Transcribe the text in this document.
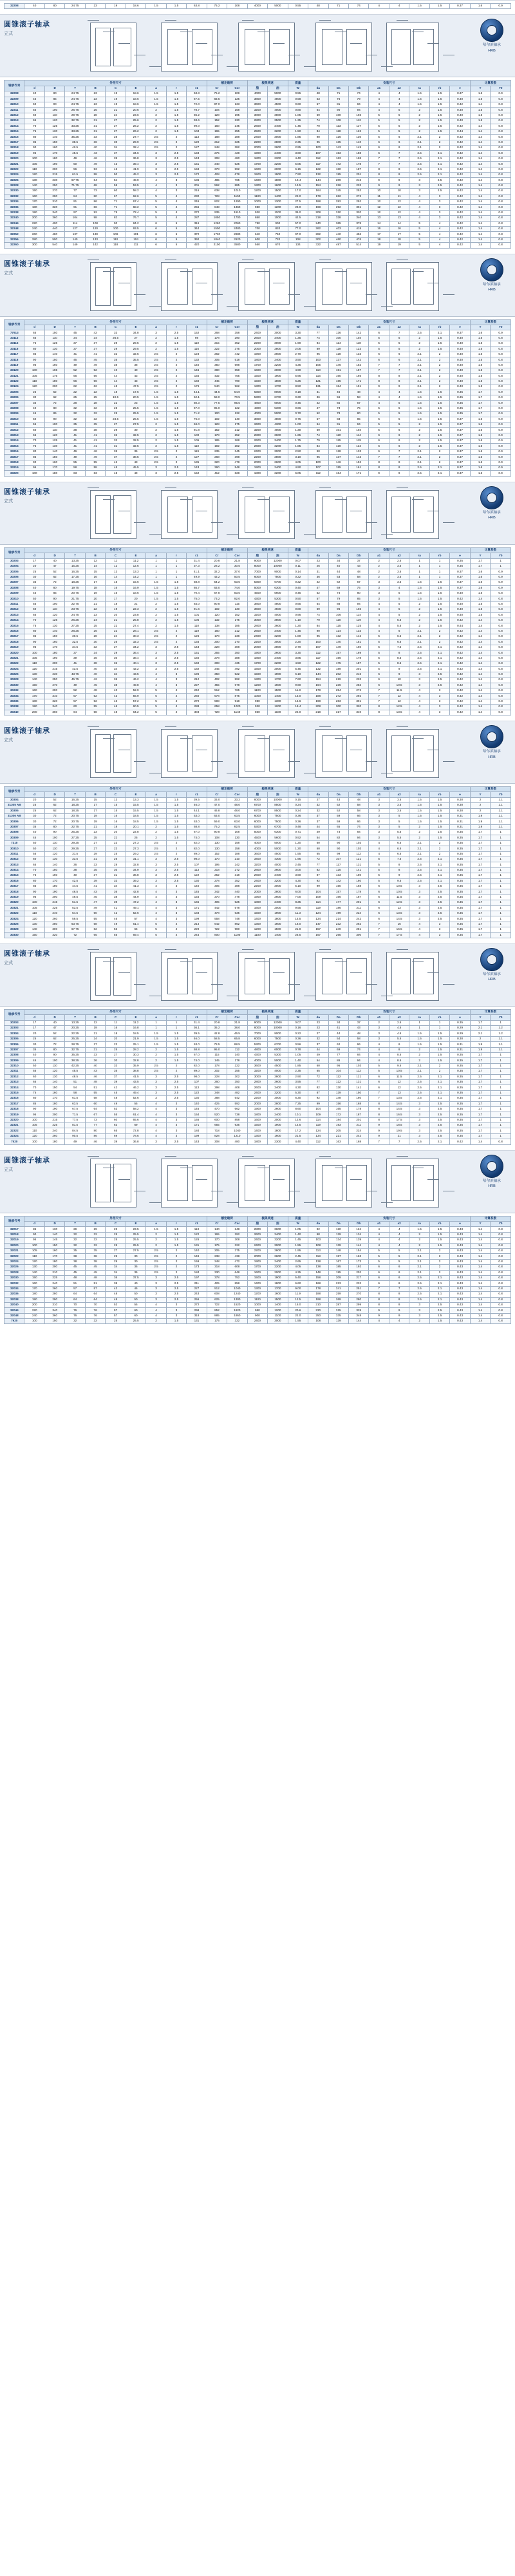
32208	40	80	24.75	23	19	18.6	1.5	1.5	63.8	75.2	108	4000	5000	0.55	48	71	74	4	4	1.5	1.5	0.37	1.6	0.9
圆锥滚子轴承
立式
哈尔滨轴承
HRB
轴承代号	外形尺寸									额定载荷		极限转速		质量	安装尺寸								计算系数	
	d	D	T	B	C	E	a	r	r1	Cr	Cor	脂	油	W	da	Da	Db	a1	a2	ra	rb	e	Y	Y0
32208	40	80	24.75	23	19	18.6	1.5	1.5	63.8	75.2	108	4000	5000	0.55	48	71	74	4	4	1.5	1.5	0.37	1.6	0.9
32209	45	85	24.75	23	19	18.6	1.5	1.5	67.5	83.5	125	3800	4800	0.58	53	76	79	4	4	1.5	1.5	0.40	1.5	0.8
32210	50	90	24.75	23	19	18.6	1.5	1.5	72.0	87.0	133	3600	4500	0.60	57	81	84	4	4	1.5	1.5	0.42	1.4	0.8
32211	55	100	26.75	25	21	20.6	2	1.5	78.7	104	158	3200	4000	0.80	64	90	94	4	5	2	1.5	0.40	1.5	0.8
32212	60	110	29.75	28	24	23.6	2	1.5	86.2	128	195	3000	3800	1.05	69	100	103	5	5	2	1.5	0.40	1.5	0.8
32213	65	120	32.75	31	27	25.6	2	1.5	93.6	152	230	2800	3500	1.35	74	108	112	5	5	2	1.5	0.40	1.5	0.8
32214	70	125	33.25	31	27	26.2	2	1.5	99.0	160	245	2600	3400	1.45	79	113	117	5	5	2	1.5	0.42	1.4	0.8
32215	75	130	33.25	31	27	26.2	2	1.5	104	165	255	2500	3200	1.50	84	118	122	5	5	2	1.5	0.44	1.4	0.8
32216	80	140	35.25	33	28	27.7	2.5	2	113	188	288	2400	3000	1.85	90	126	130	5	6	2.1	2	0.42	1.4	0.8
32217	85	150	38.5	36	30	29.9	2.5	2	120	212	325	2200	2800	2.35	95	135	140	6	6	2.1	2	0.42	1.4	0.8
32218	90	160	42.5	40	34	32.4	2.5	2	127	248	382	2000	2600	2.95	100	143	149	6	6	2.1	2	0.42	1.4	0.8
32219	95	170	45.5	43	37	34.6	3	2.5	134	275	428	1900	2400	3.60	107	153	158	6	7	2.5	2.1	0.42	1.4	0.8
32220	100	180	49	46	39	36.8	3	2.5	143	308	480	1800	2300	4.40	112	163	168	7	7	2.5	2.1	0.42	1.4	0.8
32221	105	190	50	49	43	39.4	3	2.5	151	340	525	1700	2200	5.05	117	172	178	7	7	2.5	2.1	0.42	1.4	0.8
32222	110	200	56	53	46	41.9	3	2.5	158	378	592	1600	2000	6.15	122	180	187	8	8	2.5	2.1	0.42	1.4	0.8
32224	120	215	61.5	58	50	45.2	3	2.5	172	428	678	1500	1900	7.90	132	195	201	8	8	2.5	2.1	0.42	1.4	0.8
32226	130	230	67.75	64	54	49.9	4	3	186	485	765	1400	1800	10.4	144	209	216	9	9	3	2.5	0.42	1.4	0.8
32228	140	250	71.75	68	58	53.5	4	3	201	562	885	1300	1600	13.5	154	226	233	9	9	3	2.5	0.42	1.4	0.8
32230	150	270	77	73	60	58.2	4	3	216	638	1010	1200	1500	17.0	164	245	253	10	10	3	2.5	0.42	1.4	0.8
32232	160	290	84	80	67	62.6	5	4	230	728	1150	1100	1400	22.0	178	262	272	11	11	4	3	0.42	1.4	0.8
32234	170	310	91	86	71	67.4	5	4	246	822	1290	1000	1300	27.5	188	282	292	12	12	4	3	0.42	1.4	0.8
32236	180	320	91	86	71	68.2	5	4	256	848	1360	980	1200	29.0	198	292	301	12	12	4	3	0.42	1.4	0.8
32238	190	340	97	92	75	72.4	5	4	272	935	1510	920	1100	35.0	208	310	320	12	12	4	3	0.42	1.4	0.8
32240	200	360	104	98	82	76.7	5	4	287	1050	1700	860	1000	42.5	218	328	340	13	13	4	3	0.42	1.4	0.8
32244	220	400	114	108	90	84.2	6	5	316	1260	2060	780	900	57.0	240	365	378	14	14	5	4	0.42	1.4	0.8
32248	240	440	127	120	100	93.5	6	5	344	1500	2480	700	820	77.0	262	403	418	16	16	5	4	0.42	1.4	0.8
32252	260	480	137	130	106	101	6	5	372	1730	2880	640	760	97.0	282	440	456	17	17	5	4	0.42	1.4	0.8
32256	280	500	140	133	110	104	6	5	392	1840	3120	600	720	108	302	460	476	18	18	5	4	0.42	1.4	0.8
32260	300	540	149	142	118	111	6	5	420	2100	3580	560	670	134	322	497	514	19	19	5	4	0.42	1.4	0.8
圆锥滚子轴承
立式
哈尔滨轴承
HRB
轴承代号	外形尺寸									额定载荷		极限转速		质量	安装尺寸								计算系数	
	d	D	T	B	C	E	a	r	r1	Cr	Cor	脂	油	W	da	Da	Db	a1	a2	ra	rb	e	Y	Y0
77613	65	150	45	42	33	34.8	3	2.5	152	268	358	2400	3000	3.30	77	136	142	6	7	2.5	2.1	0.37	1.6	0.9
33113	65	110	34	34	26.5	27	2	1.5	98	178	290	2600	3400	1.35	74	100	104	5	5	2	1.5	0.40	1.5	0.8
33115	75	125	37	37	29	29.5	2	1.5	110	215	352	2200	3000	1.90	84	114	118	5	5	2	1.5	0.40	1.5	0.8
33116	80	130	37	37	29	29.5	2	1.5	116	222	375	2000	2800	2.05	89	119	123	5	5	2	1.5	0.40	1.5	0.8
33117	85	140	41	41	32	32.5	2.5	2	124	262	442	1900	2600	2.70	95	128	133	6	6	2.1	2	0.40	1.5	0.8
33118	90	150	45	45	35	35.5	2.5	2	132	305	518	1800	2400	3.50	100	137	142	6	6	2.1	2	0.40	1.5	0.8
33119	95	160	49	49	38	38	2.5	2	140	350	598	1700	2200	4.35	105	146	152	7	7	2.1	2	0.40	1.5	0.8
33120	100	165	52	52	40	40	2.5	2	146	380	658	1600	2000	4.90	110	151	157	7	7	2.1	2	0.40	1.5	0.8
33121	105	175	56	56	44	43	2.5	2	155	432	755	1500	1900	5.95	116	160	166	8	8	2.1	2	0.40	1.5	0.8
33122	110	180	56	56	44	43	2.5	2	160	445	790	1500	1800	6.25	121	165	171	8	8	2.1	2	0.40	1.5	0.8
33124	120	200	62	62	48	47.5	2.5	2	176	540	962	1300	1700	8.50	131	184	191	9	9	2.1	2	0.40	1.5	0.8
33205	25	52	22	22	18	17.5	1.5	1.5	44.1	44.5	54.0	6300	8000	0.18	31	46	48	4	4	1.5	1.5	0.35	1.7	0.9
33206	30	62	25	25	19.5	20.5	1.5	1.5	52.1	58.0	70.5	5300	6700	0.30	36	56	58	4	4	1.5	1.5	0.35	1.7	0.9
33207	35	72	28	28	22	23	1.5	1.5	60.3	77.5	95.5	4800	6000	0.45	42	65	67	4	5	1.5	1.5	0.35	1.7	0.9
33208	40	80	32	32	25	25.5	1.5	1.5	67.0	95.0	122	4300	5300	0.66	47	73	75	5	5	1.5	1.5	0.35	1.7	0.9
33209	45	85	32	32	25	25.5	1.5	1.5	71.2	100	132	4000	5000	0.70	52	78	80	5	5	1.5	1.5	0.35	1.7	0.9
33210	50	90	32	32	24.5	25.5	1.5	1.5	76.0	102	140	3800	4800	0.75	57	83	85	5	5	1.5	1.5	0.37	1.6	0.9
33211	55	100	35	35	27	27.5	2	1.5	84.0	128	175	3400	4300	1.00	64	91	94	5	5	2	1.5	0.37	1.6	0.9
33212	60	110	38	38	29	30	2	1.5	91.8	152	212	3200	4000	1.30	69	101	104	5	6	2	1.5	0.37	1.6	0.9
33213	65	120	41	41	32	32.5	2	1.5	100	178	252	2800	3600	1.65	74	110	114	6	6	2	1.5	0.37	1.6	0.9
33214	70	125	41	41	32	32.5	2	1.5	105	185	268	2600	3400	1.75	79	115	119	6	6	2	1.5	0.37	1.6	0.9
33215	75	130	41	41	31	32.5	2	1.5	110	192	282	2600	3200	1.85	84	120	124	6	6	2	1.5	0.37	1.6	0.9
33216	80	140	46	46	35	36	2.5	2	119	235	345	2400	3000	2.50	90	128	133	6	7	2.1	2	0.37	1.6	0.9
33217	85	150	49	49	37	38.5	2.5	2	127	268	398	2200	2800	3.10	95	137	143	7	7	2.1	2	0.37	1.6	0.9
33218	90	160	55	55	42	43	2.5	2	135	320	478	2000	2600	4.05	100	146	152	8	8	2.1	2	0.37	1.6	0.9
33219	95	170	58	58	45	45.5	3	2.5	143	360	548	1900	2400	4.90	107	155	161	8	8	2.5	2.1	0.37	1.6	0.9
33220	100	180	63	63	48	49	3	2.5	152	412	628	1800	2200	6.05	112	164	171	9	9	2.5	2.1	0.37	1.6	0.9
圆锥滚子轴承
立式
哈尔滨轴承
HRB
轴承代号	外形尺寸									额定载荷		极限转速		质量	安装尺寸								计算系数	
	d	D	T	B	C	E	a	r	r1	Cr	Cor	脂	油	W	da	Da	Db	a1	a2	ra	rb	e	Y	Y0
30203	17	40	13.25	12	11	11.2	1	1	31.4	20.8	21.8	9000	12000	0.07	23	34	37	2	2.5	1	1	0.35	1.7	1
30204	20	47	15.25	14	12	12.6	1	1	37.3	28.2	30.5	8000	10000	0.11	26	40	43	2	3.5	1	1	0.35	1.7	1
30205	25	52	16.25	15	13	13.3	1	1	41.1	32.2	37.0	7000	9000	0.14	31	44	48	2	3.5	1	1	0.37	1.6	0.9
30206	30	62	17.25	16	14	14.2	1	1	49.9	43.2	50.5	6000	7500	0.22	36	53	58	2	3.5	1	1	0.37	1.6	0.9
30207	35	72	18.25	17	15	15.6	1.5	1.5	58.8	54.2	63.5	5300	6700	0.32	42	62	67	3	3.5	1.5	1.5	0.37	1.6	0.9
30208	40	80	19.75	18	16	16.9	1.5	1.5	65.7	63.0	74.0	5000	6300	0.40	47	69	75	3	4	1.5	1.5	0.37	1.6	0.9
30209	45	85	20.75	19	16	18.6	1.5	1.5	70.4	67.8	83.5	4500	5600	0.45	52	74	80	3	5	1.5	1.5	0.40	1.5	0.8
30210	50	90	21.75	20	17	20	1.5	1.5	75.0	73.2	92.0	4300	5300	0.50	57	79	85	3	5	1.5	1.5	0.42	1.4	0.8
30211	55	100	22.75	21	18	21	2	1.5	84.0	90.8	115	3800	4800	0.65	64	88	94	4	5	2	1.5	0.40	1.5	0.8
30212	60	110	23.75	22	19	22.3	2	1.5	91.6	102	130	3600	4500	0.80	69	96	103	4	5	2	1.5	0.40	1.5	0.8
30213	65	120	24.75	23	20	23.8	2	1.5	101	120	152	3200	4000	0.95	74	106	114	4	5	2	1.5	0.40	1.5	0.8
30214	70	125	26.25	24	21	25.8	2	1.5	105	132	175	3000	3800	1.10	79	110	119	4	5.5	2	1.5	0.42	1.4	0.8
30215	75	130	27.25	25	22	27.4	2	1.5	110	138	185	2800	3600	1.20	84	115	125	4	5.5	2	1.5	0.44	1.4	0.8
30216	80	140	28.25	26	22	28.1	2.5	2	119	160	212	2600	3400	1.45	90	124	133	4	6	2.1	2	0.42	1.4	0.8
30217	85	150	30.5	28	24	30.3	2.5	2	126	178	238	2400	3200	1.80	95	132	142	5	6.5	2.1	2	0.42	1.4	0.8
30218	90	160	32.5	30	26	32.3	2.5	2	134	200	270	2200	3000	2.20	100	140	151	5	6.5	2.1	2	0.42	1.4	0.8
30219	95	170	34.5	32	27	34.2	3	2.5	143	228	308	2000	2800	2.70	107	149	160	5	7.5	2.5	2.1	0.42	1.4	0.8
30220	100	180	37	34	29	36.4	3	2.5	151	255	350	1900	2600	3.30	112	157	169	5	8	2.5	2.1	0.42	1.4	0.8
30221	105	190	39	36	30	38.4	3	2.5	160	278	388	1800	2400	3.85	117	166	178	5	8.5	2.5	2.1	0.42	1.4	0.8
30222	110	200	41	38	32	40.1	3	2.5	169	308	435	1700	2200	4.50	122	175	187	5	8.5	2.5	2.1	0.42	1.4	0.8
30224	120	215	43.5	40	34	42.2	3	2.5	182	345	492	1600	2000	5.45	132	189	201	5	9	2.5	2.1	0.42	1.4	0.8
30226	130	230	43.75	40	34	43.5	4	3	196	358	522	1500	1900	6.10	144	202	216	6	9	3	2.5	0.42	1.4	0.8
30228	140	250	45.75	42	36	46.2	4	3	212	402	592	1300	1700	7.60	154	219	233	6	10	3	2.5	0.42	1.4	0.8
30230	150	270	49	45	38	49.8	4	3	227	455	678	1200	1600	9.60	164	236	253	6	10.5	3	2.5	0.42	1.4	0.8
30232	160	290	52	48	40	52.9	5	4	242	512	765	1100	1500	11.8	178	254	272	7	11.5	4	3	0.42	1.4	0.8
30234	170	310	57	52	43	56.9	5	4	260	578	875	1000	1400	15.0	188	272	292	7	12	4	3	0.42	1.4	0.8
30236	180	320	57	52	43	57.2	5	4	270	598	918	980	1300	15.6	198	283	301	7	12	4	3	0.42	1.4	0.8
30238	190	340	60	55	46	60.5	5	4	288	658	1020	920	1200	18.4	208	300	320	8	12.5	4	3	0.42	1.4	0.8
30240	200	360	64	58	48	64.2	5	4	304	728	1140	860	1100	22.0	218	317	340	8	13.5	4	3	0.42	1.4	0.8
圆锥滚子轴承
立式
哈尔滨轴承
HRB
轴承代号	外形尺寸									额定载荷		极限转速		质量	安装尺寸								计算系数	
	d	D	T	B	C	E	a	r	r1	Cr	Cor	脂	油	W	da	Da	Db	a1	a2	ra	rb	e	Y	Y0
30304	20	52	16.25	15	13	13.3	1.5	1.5	39.5	33.0	33.2	8000	10000	0.15	27	43	48	3	3.5	1.5	1.5	0.30	2	1.1
31305 AB	25	62	18.25	17	15	15.5	1.5	1.5	46.0	47.0	48.0	6700	8500	0.24	32	52	58	3	3.5	1.5	1.5	0.30	2	1.1
30305	25	62	18.25	17	15	15.5	1.5	1.5	44.1	46.8	48.0	6700	8500	0.24	32	52	58	3	3.5	1.5	1.5	0.30	2	1.1
31306 AB	30	72	20.75	19	16	18.5	1.5	1.5	53.0	63.0	63.5	6000	7500	0.36	37	59	66	3	5	1.5	1.5	0.31	1.9	1.1
30306	30	72	20.75	19	16	18.5	1.5	1.5	53.0	59.0	63.0	6000	7500	0.36	37	59	66	3	5	1.5	1.5	0.31	1.9	1.1
30307	35	80	22.75	21	18	20.1	2	1.5	58.8	75.2	82.5	5300	6700	0.48	44	65	74	3	5	2	1.5	0.31	1.9	1.1
30308	40	90	25.25	23	20	22.8	2	1.5	67.0	90.8	108	5000	6300	0.71	49	73	84	3	5.5	2	1.5	0.35	1.7	1
30309	45	100	27.25	25	22	25	2	1.5	74.0	108	130	4500	5600	0.92	54	82	94	3	5.5	2	1.5	0.35	1.7	1
7310	50	110	29.25	27	23	27.3	2.5	2	82.0	130	158	4000	5000	1.20	60	90	103	4	6.5	2.1	2	0.35	1.7	1
30310	50	110	29.25	27	23	27.3	2.5	2	82.0	130	158	4000	5000	1.20	60	90	103	4	6.5	2.1	2	0.35	1.7	1
30311	55	120	31.5	29	25	29.2	2.5	2	89.0	152	188	3600	4500	1.55	65	99	112	4	6.5	2.1	2	0.35	1.7	1
30312	60	130	33.5	31	26	31.1	3	2.5	98.0	170	210	3400	4300	1.95	72	107	121	5	7.5	2.5	2.1	0.35	1.7	1
30313	65	140	36	33	28	32.8	3	2.5	107	195	242	3200	4000	2.45	77	117	131	5	8	2.5	2.1	0.35	1.7	1
30314	70	150	38	35	30	34.9	3	2.5	113	218	272	2800	3600	3.00	82	125	141	5	8	2.5	2.1	0.35	1.7	1
30315	75	160	40	37	31	36.8	3	2.5	122	252	318	2600	3400	3.60	87	133	150	5	9	2.5	2.1	0.35	1.7	1
30316	80	170	42.5	39	33	39.2	3	2.5	130	278	352	2400	3200	4.30	92	142	160	5	9.5	2.5	2.1	0.35	1.7	1
30317	85	180	44.5	41	34	41.3	4	3	140	305	388	2200	3000	5.10	99	150	168	6	10.5	3	2.5	0.35	1.7	1
30318	90	190	46.5	43	36	42.8	4	3	145	342	440	2000	2800	6.00	104	157	178	6	10.5	3	2.5	0.35	1.7	1
30319	95	200	49.5	45	38	44.9	4	3	154	370	478	1900	2600	7.00	109	166	187	6	11.5	3	2.5	0.35	1.7	1
30320	100	215	51.5	47	39	47.2	4	3	165	405	525	1800	2400	8.35	114	177	201	6	12.5	3	2.5	0.35	1.7	1
30321	105	225	53.5	49	41	49.1	4	3	171	442	578	1600	2000	9.55	119	186	211	6	13	3	2.5	0.35	1.7	1
30322	110	240	54.5	50	42	52.6	4	3	184	478	635	1500	1900	11.3	124	199	224	6	13.5	3	2.5	0.35	1.7	1
30324	120	260	59.5	55	46	57	4	3	199	558	748	1400	1800	14.5	134	214	242	6	14.5	3	2.5	0.35	1.7	1
30326	130	280	63.75	58	49	61.4	5	4	214	642	862	1300	1600	18.0	147	232	262	7	16	4	3	0.35	1.7	1
30328	140	300	67.75	62	53	65	5	4	229	722	980	1200	1500	21.8	157	249	281	7	16.5	4	3	0.35	1.7	1
30330	150	320	72	65	55	69.4	5	4	244	800	1100	1100	1400	26.5	167	265	300	7	17.5	4	3	0.35	1.7	1
圆锥滚子轴承
立式
哈尔滨轴承
HRB
轴承代号	外形尺寸									额定载荷		极限转速		质量	安装尺寸								计算系数	
	d	D	T	B	C	E	a	r	r1	Cr	Cor	脂	油	W	da	Da	Db	a1	a2	ra	rb	e	Y	Y0
30203	17	40	13.25	12	11	11.2	1	1	31.4	20.8	21.8	9000	12000	0.07	23	34	37	2	2.5	1	1	0.35	1.7	1
32303	17	47	20.25	19	16	16.8	1	1	36.1	35.2	38.0	8000	10000	0.16	23	41	43	3	4.5	1	1	0.29	2.1	1.2
32304	20	52	22.25	21	18	18.5	1.5	1.5	39.5	42.8	46.5	7000	9000	0.22	27	44	48	3	4.5	1.5	1.5	0.29	2.1	1.2
32305	25	62	25.25	24	20	21.9	1.5	1.5	46.0	58.5	65.8	6000	7500	0.36	32	54	58	3	5.5	1.5	1.5	0.30	2	1.1
32306	30	72	28.75	27	23	25.1	1.5	1.5	53.0	78.5	88.5	5300	6700	0.56	37	62	66	4	6	1.5	1.5	0.31	1.9	1.1
32307	35	80	32.75	31	25	28.2	2	1.5	58.8	95.0	112	4800	6000	0.78	44	69	74	4	8	2	1.5	0.31	1.9	1.1
32308	40	90	35.25	33	27	30.3	2	1.5	67.0	115	140	4300	5300	1.05	49	77	84	4	8.5	2	1.5	0.35	1.7	1
32309	45	100	38.25	36	30	32.8	2	1.5	74.0	145	178	4000	5000	1.40	54	86	94	4	8.5	2	1.5	0.35	1.7	1
32310	50	110	42.25	40	33	35.9	2.5	2	82.0	178	222	3600	4500	1.85	60	95	103	5	9.5	2.1	2	0.35	1.7	1
32311	55	120	45.5	43	35	38.8	2.5	2	89.0	202	255	3200	4000	2.35	65	104	112	5	10.5	2.1	2	0.35	1.7	1
32312	60	130	48.5	46	37	41.5	3	2.5	98.0	228	302	3000	3800	2.90	72	112	121	6	11.5	2.5	2.1	0.35	1.7	1
32313	65	140	51	48	39	43.5	3	2.5	107	260	350	2800	3600	3.55	77	122	131	6	12	2.5	2.1	0.35	1.7	1
32314	70	150	54	51	42	46.2	3	2.5	113	298	408	2600	3400	4.30	82	130	141	6	12	2.5	2.1	0.35	1.7	1
32315	75	160	58	55	45	49.4	3	2.5	122	348	482	2400	3200	5.30	87	139	150	7	13	2.5	2.1	0.35	1.7	1
32316	80	170	61.5	58	48	52.6	3	2.5	130	388	542	2200	3000	6.30	92	148	160	7	13.5	2.5	2.1	0.35	1.7	1
32317	85	180	63.5	60	49	55	4	3	140	425	592	2000	2800	7.25	99	156	168	8	14.5	3	2.5	0.35	1.7	1
32318	90	190	67.5	64	53	58.2	4	3	145	470	662	1900	2600	8.60	104	165	178	8	14.5	3	2.5	0.35	1.7	1
32319	95	200	71.5	67	55	61.4	4	3	154	520	738	1800	2400	10.1	109	172	187	8	16.5	3	2.5	0.35	1.7	1
32320	100	215	77.5	73	60	65.6	4	3	165	600	858	1600	2000	12.6	114	184	201	8	17.5	3	2.5	0.35	1.7	1
32321	105	225	81.5	77	63	69	4	3	171	655	935	1500	1900	14.5	119	193	211	9	18.5	3	2.5	0.35	1.7	1
32322	110	240	84.5	80	65	72.8	4	3	184	718	1040	1400	1800	17.2	124	205	224	9	19.5	3	2.5	0.35	1.7	1
32324	120	260	90.5	86	69	78.6	4	3	199	828	1210	1300	1600	21.5	134	221	242	9	21	3	2.5	0.35	1.7	1
7520	100	180	49	46	39	36.8	3	2.5	143	308	480	1800	2300	4.40	112	163	168	7	7	2.5	2.1	0.42	1.4	0.8
圆锥滚子轴承
立式
哈尔滨轴承
HRB
轴承代号	外形尺寸									额定载荷		极限转速		质量	安装尺寸								计算系数	
	d	D	T	B	C	E	a	r	r1	Cr	Cor	脂	油	W	da	Da	Db	a1	a2	ra	rb	e	Y	Y0
32017	85	130	29	29	23	23.5	1.5	1.5	113	140	248	2800	3600	1.05	92	120	124	4	4	1.5	1.5	0.43	1.4	0.8
32018	90	140	32	32	25	25.5	2	1.5	122	165	292	2600	3400	1.40	98	129	134	4	4	2	1.5	0.43	1.4	0.8
32019	95	145	32	32	25	25.5	2	1.5	126	170	308	2400	3200	1.45	103	134	139	4	4	2	1.5	0.43	1.4	0.8
32020	100	150	32	32	25	25.5	2	1.5	131	175	322	2400	3000	1.55	108	139	144	4	4	2	1.5	0.43	1.4	0.8
32021	105	160	35	35	27	27.5	2.5	2	140	205	375	2200	2800	1.95	113	148	154	5	5	2.1	2	0.43	1.4	0.8
32022	110	170	38	38	29	30	2.5	2	149	238	438	2000	2600	2.45	118	157	163	5	5	2.1	2	0.43	1.4	0.8
32024	120	180	38	38	29	30	2.5	2	159	248	472	1900	2400	2.65	128	167	173	5	5	2.1	2	0.43	1.4	0.8
32026	130	200	45	45	34	35	2.5	2	173	318	608	1700	2200	4.05	138	185	192	6	6	2.1	2	0.43	1.4	0.8
32028	140	210	45	45	34	35	2.5	2	184	330	648	1600	2000	4.35	148	195	202	6	6	2.1	2	0.43	1.4	0.8
32030	150	225	48	48	36	37.5	3	2.5	197	378	752	1500	1900	5.40	158	209	217	6	6	2.5	2.1	0.43	1.4	0.8
32032	160	240	51	51	38	40	3	2.5	211	425	858	1400	1800	6.60	168	223	232	6	6	2.5	2.1	0.43	1.4	0.8
32034	170	260	57	57	43	45	3	2.5	227	512	1040	1300	1700	9.00	178	241	251	7	7	2.5	2.1	0.43	1.4	0.8
32036	180	280	64	64	48	50	3	2.5	243	608	1240	1200	1600	11.9	188	259	270	8	8	2.5	2.1	0.43	1.4	0.8
32038	190	290	64	64	48	50	3	2.5	256	625	1300	1100	1500	12.5	198	269	280	8	8	2.5	2.1	0.43	1.4	0.8
32040	200	310	70	70	53	55	4	3	272	722	1520	1000	1400	16.0	210	287	299	8	8	3	2.5	0.43	1.4	0.8
32044	220	340	76	76	57	60	4	3	298	852	1820	950	1200	20.6	230	315	328	9	9	3	2.5	0.43	1.4	0.8
32048	240	360	76	76	57	60	4	3	318	885	1950	900	1100	22.0	250	335	348	9	9	3	2.5	0.43	1.4	0.8
7920	100	150	32	32	25	25.5	2	1.5	131	175	322	2400	3000	1.55	108	139	144	4	4	2	1.5	0.43	1.4	0.8
